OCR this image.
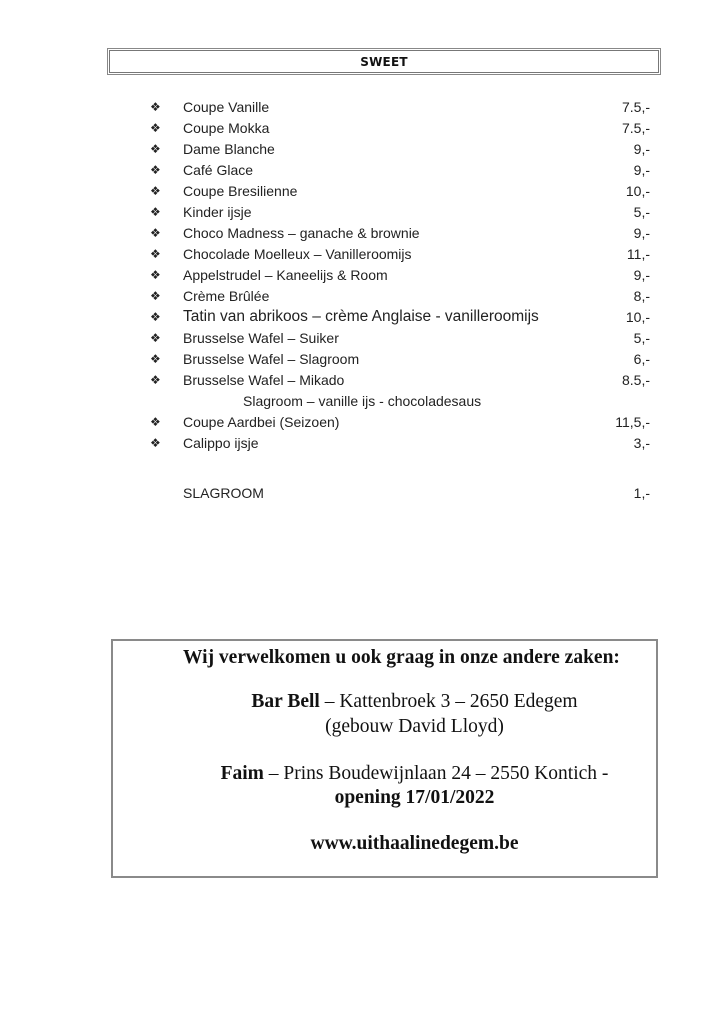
SWEET
❖	Coupe Vanille	7.5,-
❖	Coupe Mokka	7.5,-
❖	Dame Blanche	9,-
❖	Café Glace	9,-
❖	Coupe Bresilienne	10,-
❖	Kinder ijsje	5,-
❖	Choco Madness – ganache & brownie	9,-
❖	Chocolade Moelleux – Vanilleroomijs	11,-
❖	Appelstrudel – Kaneelijs & Room	9,-
❖	Crème Brûlée	8,-
❖	Tatin van abrikoos – crème Anglaise - vanilleroomijs	10,-
❖	Brusselse Wafel – Suiker	5,-
❖	Brusselse Wafel – Slagroom	6,-
❖	Brusselse Wafel – Mikado	8.5,-
Slagroom – vanille ijs - chocoladesaus
❖	Coupe Aardbei (Seizoen)	11,5,-
❖	Calippo ijsje	3,-
SLAGROOM	1,-
Wij verwelkomen u ook graag in onze andere zaken:
Bar Bell – Kattenbroek 3 – 2650 Edegem
(gebouw David Lloyd)
Faim – Prins Boudewijnlaan 24 – 2550 Kontich -
opening 17/01/2022
www.uithaalinedegem.be
